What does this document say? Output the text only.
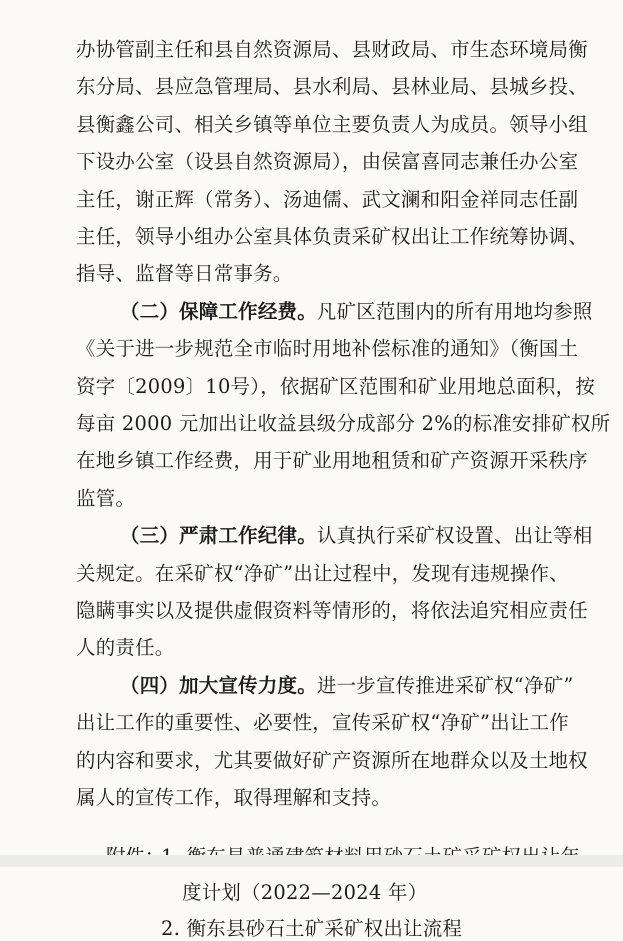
办协管副主任和县自然资源局、县财政局、市生态环境局衡
东分局、县应急管理局、县水利局、县林业局、县城乡投、
县衡鑫公司、相关乡镇等单位主要负责人为成员。领导小组
下设办公室（设县自然资源局），由侯富喜同志兼任办公室
主任，谢正辉（常务）、汤迪儒、武文澜和阳金祥同志任副
主任，领导小组办公室具体负责采矿权出让工作统筹协调、
指导、监督等日常事务。
（二）保障工作经费。凡矿区范围内的所有用地均参照
《关于进一步规范全市临时用地补偿标准的通知》（衡国土
资字〔2009〕10号），依据矿区范围和矿业用地总面积，按
每亩 2000 元加出让收益县级分成部分 2%的标准安排矿权所
在地乡镇工作经费，用于矿业用地租赁和矿产资源开采秩序
监管。
（三）严肃工作纪律。认真执行采矿权设置、出让等相
关规定。在采矿权“净矿”出让过程中，发现有违规操作、
隐瞒事实以及提供虚假资料等情形的，将依法追究相应责任
人的责任。
（四）加大宣传力度。进一步宣传推进采矿权“净矿”
出让工作的重要性、必要性，宣传采矿权“净矿”出让工作
的内容和要求，尤其要做好矿产资源所在地群众以及土地权
属人的宣传工作，取得理解和支持。
度计划（2022—2024 年）
2. 衡东县砂石土矿采矿权出让流程
